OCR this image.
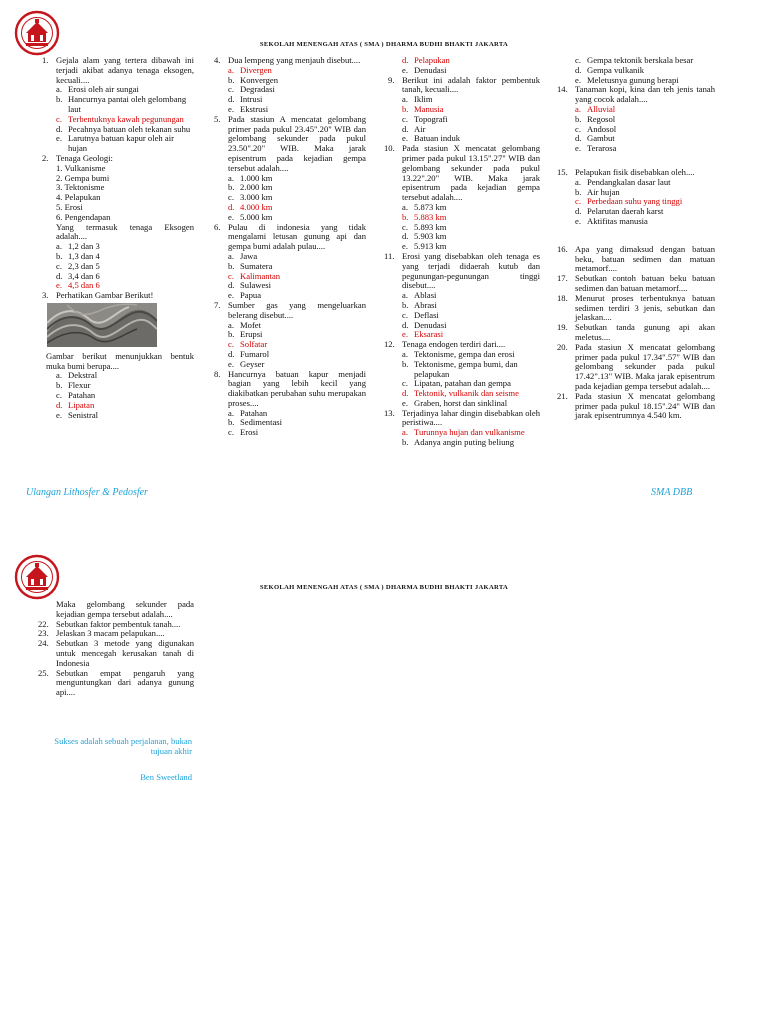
SEKOLAH MENENGAH ATAS ( SMA ) DHARMA BUDHI BHAKTI JAKARTA
1. Gejala alam yang tertera dibawah ini terjadi akibat adanya tenaga eksogen, kecuali....
a. Erosi oleh air sungai
b. Hancurnya pantai oleh gelombang laut
c. Terbentuknya kawah pegunungan
d. Pecahnya batuan oleh tekanan suhu
e. Larutnya batuan kapur oleh air hujan
2. Tenaga Geologi:
1. Vulkanisme
2. Gempa bumi
3. Tektonisme
4. Pelapukan
5. Erosi
6. Pengendapan
Yang termasuk tenaga Eksogen adalah....
a. 1,2 dan 3
b. 1,3 dan 4
c. 2,3 dan 5
d. 3,4 dan 6
e. 4,5 dan 6
3. Perhatikan Gambar Berikut!
Gambar berikut menunjukkan bentuk muka bumi berupa....
a. Dekstral
b. Flexur
c. Patahan
d. Lipatan
e. Senistral
4. Dua lempeng yang menjauh disebut....
a. Divergen
b. Konvergen
c. Degradasi
d. Intrusi
e. Ekstrusi
5. Pada stasiun A mencatat gelombang primer pada pukul 23.45".20" WIB dan gelombang sekunder pada pukul 23.50".20" WIB. Maka jarak episentrum pada kejadian gempa tersebut adalah....
a. 1.000 km
b. 2.000 km
c. 3.000 km
d. 4.000 km
e. 5.000 km
6. Pulau di indonesia yang tidak mengalami letusan gunung api dan gempa bumi adalah pulau....
a. Jawa
b. Sumatera
c. Kalimantan
d. Sulawesi
e. Papua
7. Sumber gas yang mengeluarkan belerang disebut....
a. Mofet
b. Erupsi
c. Solfatar
d. Fumarol
e. Geyser
8. Hancurnya batuan kapur menjadi bagian yang lebih kecil yang diakibatkan perubahan suhu merupakan proses....
a. Patahan
b. Sedimentasi
c. Erosi
d. Pelapukan
e. Denudasi
9. Berikut ini adalah faktor pembentuk tanah, kecuali....
a. Iklim
b. Manusia
c. Topografi
d. Air
e. Batuan induk
10. Pada stasiun X mencatat gelombang primer pada pukul 13.15".27" WIB dan gelombang sekunder pada pukul 13.22".20" WIB. Maka jarak episentrum pada kejadian gempa tersebut adalah....
a. 5.873 km
b. 5.883 km
c. 5.893 km
d. 5.903 km
e. 5.913 km
11. Erosi yang disebabkan oleh tenaga es yang terjadi didaerah kutub dan pegunungan-pegunungan tinggi disebut....
a. Ablasi
b. Abrasi
c. Deflasi
d. Denudasi
e. Eksarasi
12. Tenaga endogen terdiri dari....
a. Tektonisme, gempa dan erosi
b. Tektonisme, gempa bumi, dan pelapukan
c. Lipatan, patahan dan gempa
d. Tektonik, vulkanik dan seisme
e. Graben, horst dan sinklinal
13. Terjadinya lahar dingin disebabkan oleh peristiwa....
a. Turunnya hujan dan vulkanisme
b. Adanya angin puting beliung
c. Gempa tektonik berskala besar
d. Gempa vulkanik
e. Meletusnya gunung berapi
14. Tanaman kopi, kina dan teh jenis tanah yang cocok adalah....
a. Alluvial
b. Regosol
c. Andosol
d. Gambut
e. Terarosa
15. Pelapukan fisik disebabkan oleh....
a. Pendangkalan dasar laut
b. Air hujan
c. Perbedaan suhu yang tinggi
d. Pelarutan daerah karst
e. Aktifitas manusia
16. Apa yang dimaksud dengan batuan beku, batuan sedimen dan matuan metamorf....
17. Sebutkan contoh batuan beku batuan sedimen dan batuan metamorf....
18. Menurut proses terbentuknya batuan sedimen terdiri 3 jenis, sebutkan dan jelaskan....
19. Sebutkan tanda gunung api akan meletus....
20. Pada stasiun X mencatat gelombang primer pada pukul 17.34".57" WIB dan gelombang sekunder pada pukul 17.42".13" WIB. Maka jarak episentrum pada kejadian gempa tersebut adalah....
21. Pada stasiun X mencatat gelombang primer pada pukul 18.15".24" WIB dan jarak episentrumnya 4.540 km.
Ulangan Lithosfer & Pedosfer	SMA DBB
SEKOLAH MENENGAH ATAS ( SMA ) DHARMA BUDHI BHAKTI JAKARTA
Maka gelombang sekunder pada kejadian gempa tersebut adalah....
22. Sebutkan faktor pembentuk tanah....
23. Jelaskan 3 macam pelapukan....
24. Sebutkan 3 metode yang digunakan untuk mencegah kerusakan tanah di Indonesia
25. Sebutkan empat pengaruh yang menguntungkan dari adanya gunung api....
Sukses adalah sebuah perjalanan, bukan tujuan akhir
Ben Sweetland
